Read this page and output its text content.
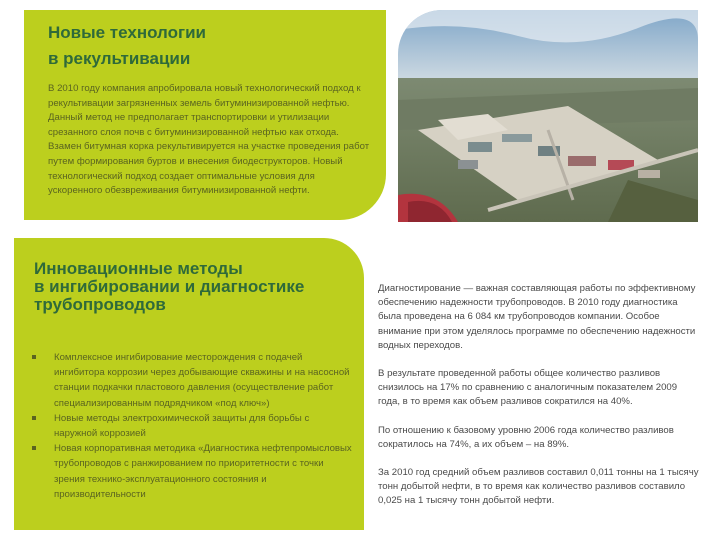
Новые технологии
в рекультивации
В 2010 году компания апробировала новый технологический подход к рекультивации загрязненных земель битуминизированной нефтью. Данный метод не предполагает транспортировки и утилизации срезанного слоя почв с битуминизированной нефтью как отхода. Взамен битумная корка рекультивируется на участке проведения работ путем формирования буртов и внесения биодеструкторов. Новый технологический подход создает оптимальные условия для ускоренного обезвреживания битуминизированной нефти.
Инновационные методы
в ингибировании и диагностике
трубопроводов
Комплексное ингибирование месторождения с подачей ингибитора коррозии через добывающие скважины и на насосной станции подкачки пластового давления (осуществление работ специализированным подрядчиком «под ключ»)
Новые методы электрохимической защиты для борьбы с наружной коррозией
Новая корпоративная методика «Диагностика нефтепромысловых трубопроводов с ранжированием по приоритетности с точки зрения технико-эксплуатационного состояния и производительности

Диагностирование — важная составляющая работы по эффективному обеспечению надежности трубопроводов. В 2010 году диагностика была проведена на 6 084 км трубопроводов компании. Особое внимание при этом уделялось программе по обеспечению надежности водных переходов.

В результате проведенной работы общее количество разливов снизилось на 17% по сравнению с аналогичным показателем 2009 года, в то время как объем разливов сократился на 40%.

По отношению к базовому уровню 2006 года количество разливов сократилось на 74%, а их объем – на 89%.

За 2010 год средний объем разливов составил 0,011 тонны на 1 тысячу тонн добытой нефти, в то время как количество разливов составило 0,025 на 1 тысячу тонн добытой нефти.
